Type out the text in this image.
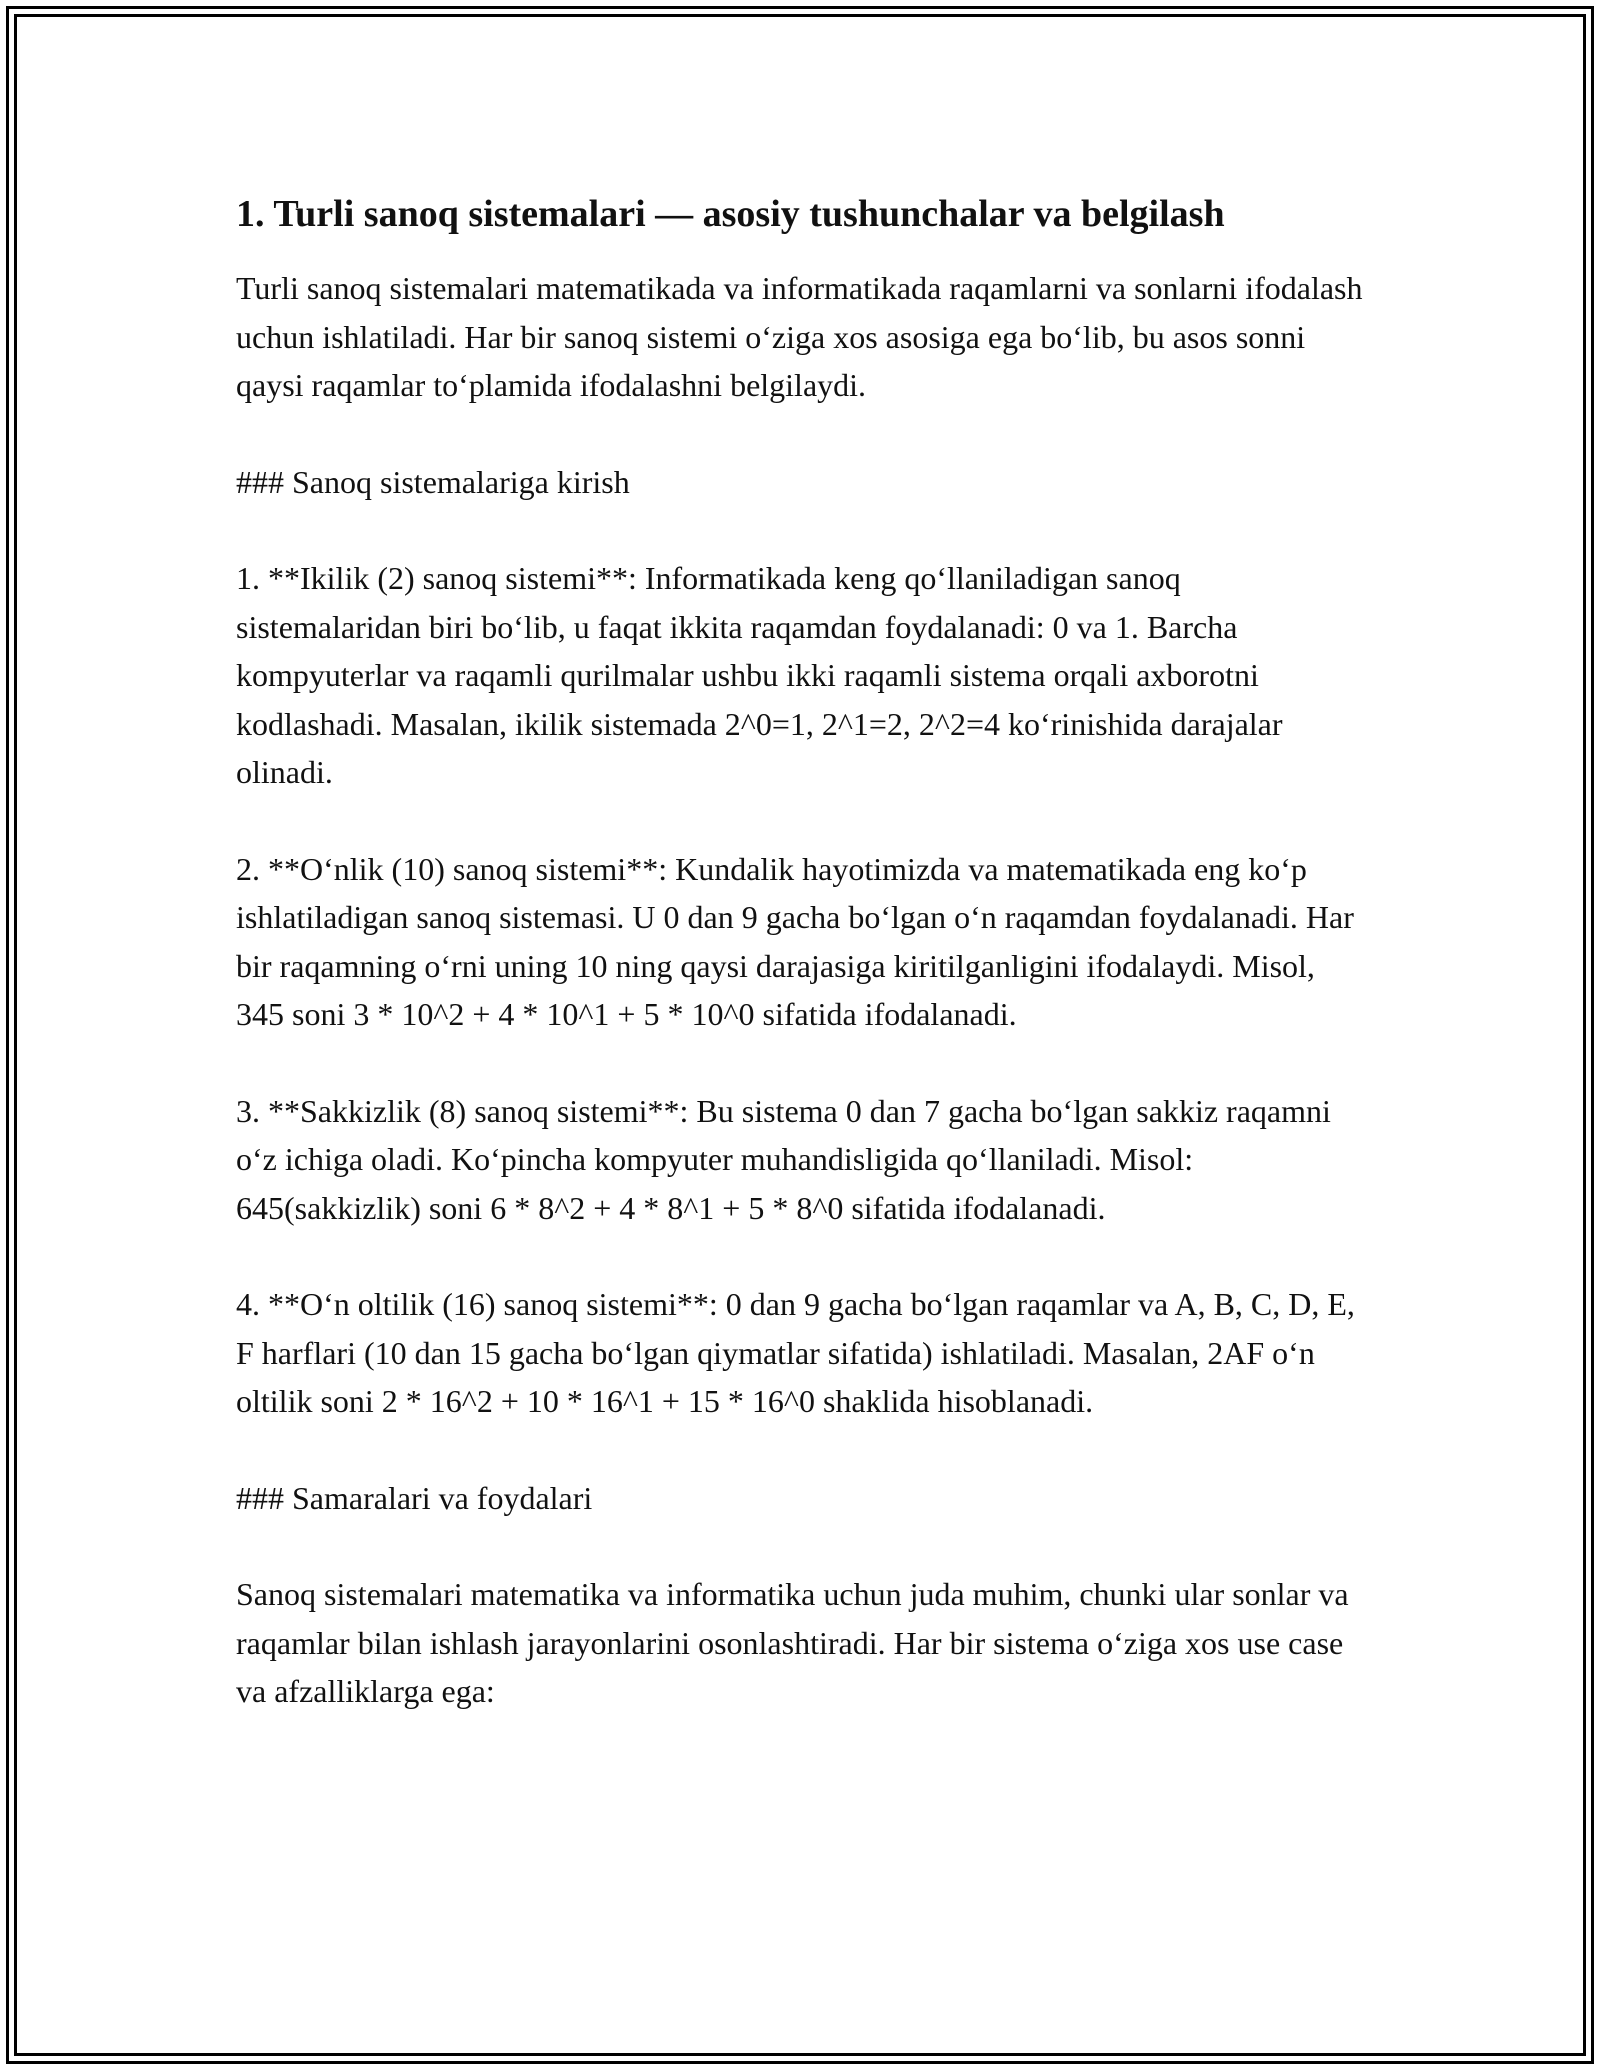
1. Turli sanoq sistemalari — asosiy tushunchalar va belgilash

Turli sanoq sistemalari matematikada va informatikada raqamlarni va sonlarni ifodalash uchun ishlatiladi. Har bir sanoq sistemi o‘ziga xos asosiga ega bo‘lib, bu asos sonni qaysi raqamlar to‘plamida ifodalashni belgilaydi.

### Sanoq sistemalariga kirish

1. **Ikilik (2) sanoq sistemi**: Informatikada keng qo‘llaniladigan sanoq sistemalaridan biri bo‘lib, u faqat ikkita raqamdan foydalanadi: 0 va 1. Barcha kompyuterlar va raqamli qurilmalar ushbu ikki raqamli sistema orqali axborotni kodlashadi. Masalan, ikilik sistemada 2^0=1, 2^1=2, 2^2=4 ko‘rinishida darajalar olinadi.

2. **O‘nlik (10) sanoq sistemi**: Kundalik hayotimizda va matematikada eng ko‘p ishlatiladigan sanoq sistemasi. U 0 dan 9 gacha bo‘lgan o‘n raqamdan foydalanadi. Har bir raqamning o‘rni uning 10 ning qaysi darajasiga kiritilganligini ifodalaydi. Misol, 345 soni 3 * 10^2 + 4 * 10^1 + 5 * 10^0 sifatida ifodalanadi.

3. **Sakkizlik (8) sanoq sistemi**: Bu sistema 0 dan 7 gacha bo‘lgan sakkiz raqamni o‘z ichiga oladi. Ko‘pincha kompyuter muhandisligida qo‘llaniladi. Misol: 645(sakkizlik) soni 6 * 8^2 + 4 * 8^1 + 5 * 8^0 sifatida ifodalanadi.

4. **O‘n oltilik (16) sanoq sistemi**: 0 dan 9 gacha bo‘lgan raqamlar va A, B, C, D, E, F harflari (10 dan 15 gacha bo‘lgan qiymatlar sifatida) ishlatiladi. Masalan, 2AF o‘n oltilik soni 2 * 16^2 + 10 * 16^1 + 15 * 16^0 shaklida hisoblanadi.

### Samaralari va foydalari

Sanoq sistemalari matematika va informatika uchun juda muhim, chunki ular sonlar va raqamlar bilan ishlash jarayonlarini osonlashtiradi. Har bir sistema o‘ziga xos use case va afzalliklarga ega:
